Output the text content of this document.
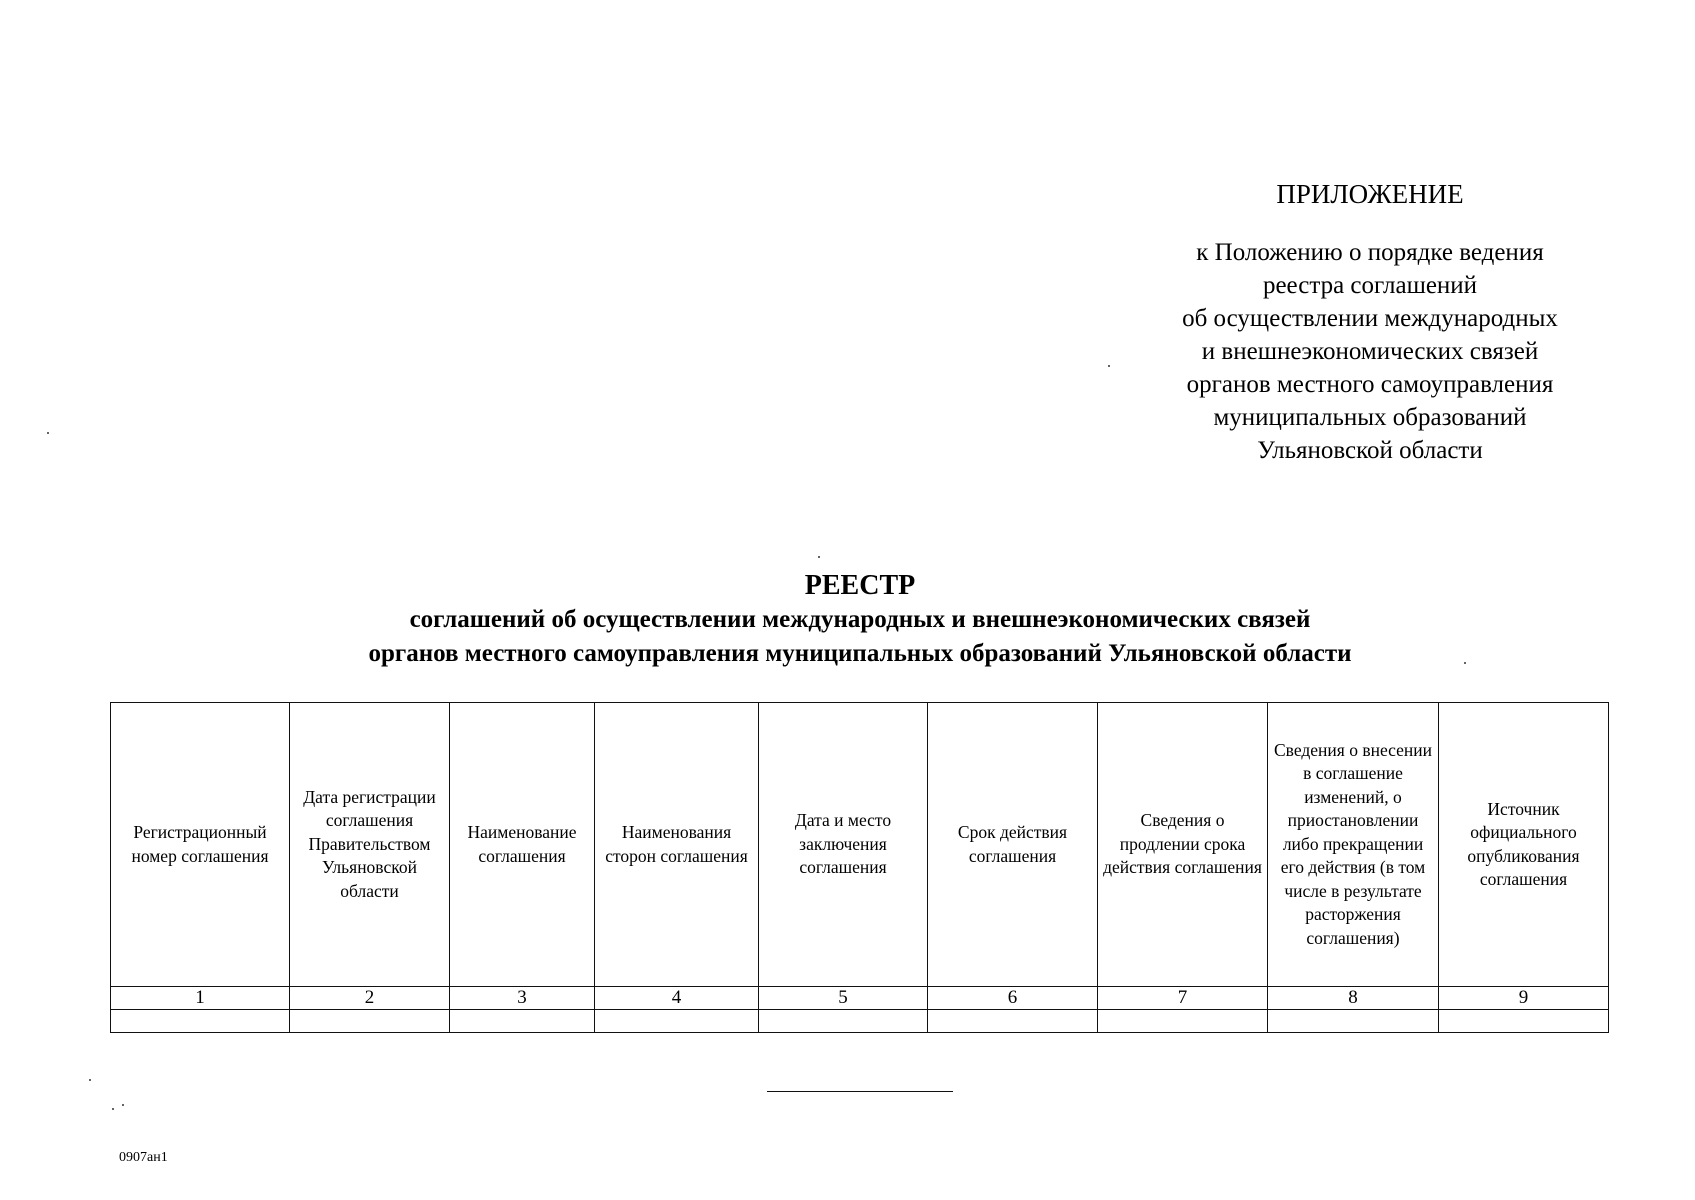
ПРИЛОЖЕНИЕ
к Положению о порядке ведения
реестра соглашений
об осуществлении международных
и внешнеэкономических связей
органов местного самоуправления
муниципальных образований
Ульяновской области
РЕЕСТР
соглашений об осуществлении международных и внешнеэкономических связей
органов местного самоуправления муниципальных образований Ульяновской области
Регистрационный номер соглашения	Дата регистрации соглашения Правительством Ульяновской области	Наименование соглашения	Наименования сторон соглашения	Дата и место заключения соглашения	Срок действия соглашения	Сведения о продлении срока действия соглашения	Сведения о внесении в соглашение изменений, о приостановлении либо прекращении его действия (в том числе в результате расторжения соглашения)	Источник официального опубликования соглашения
1	2	3	4	5	6	7	8	9

0907ан1
